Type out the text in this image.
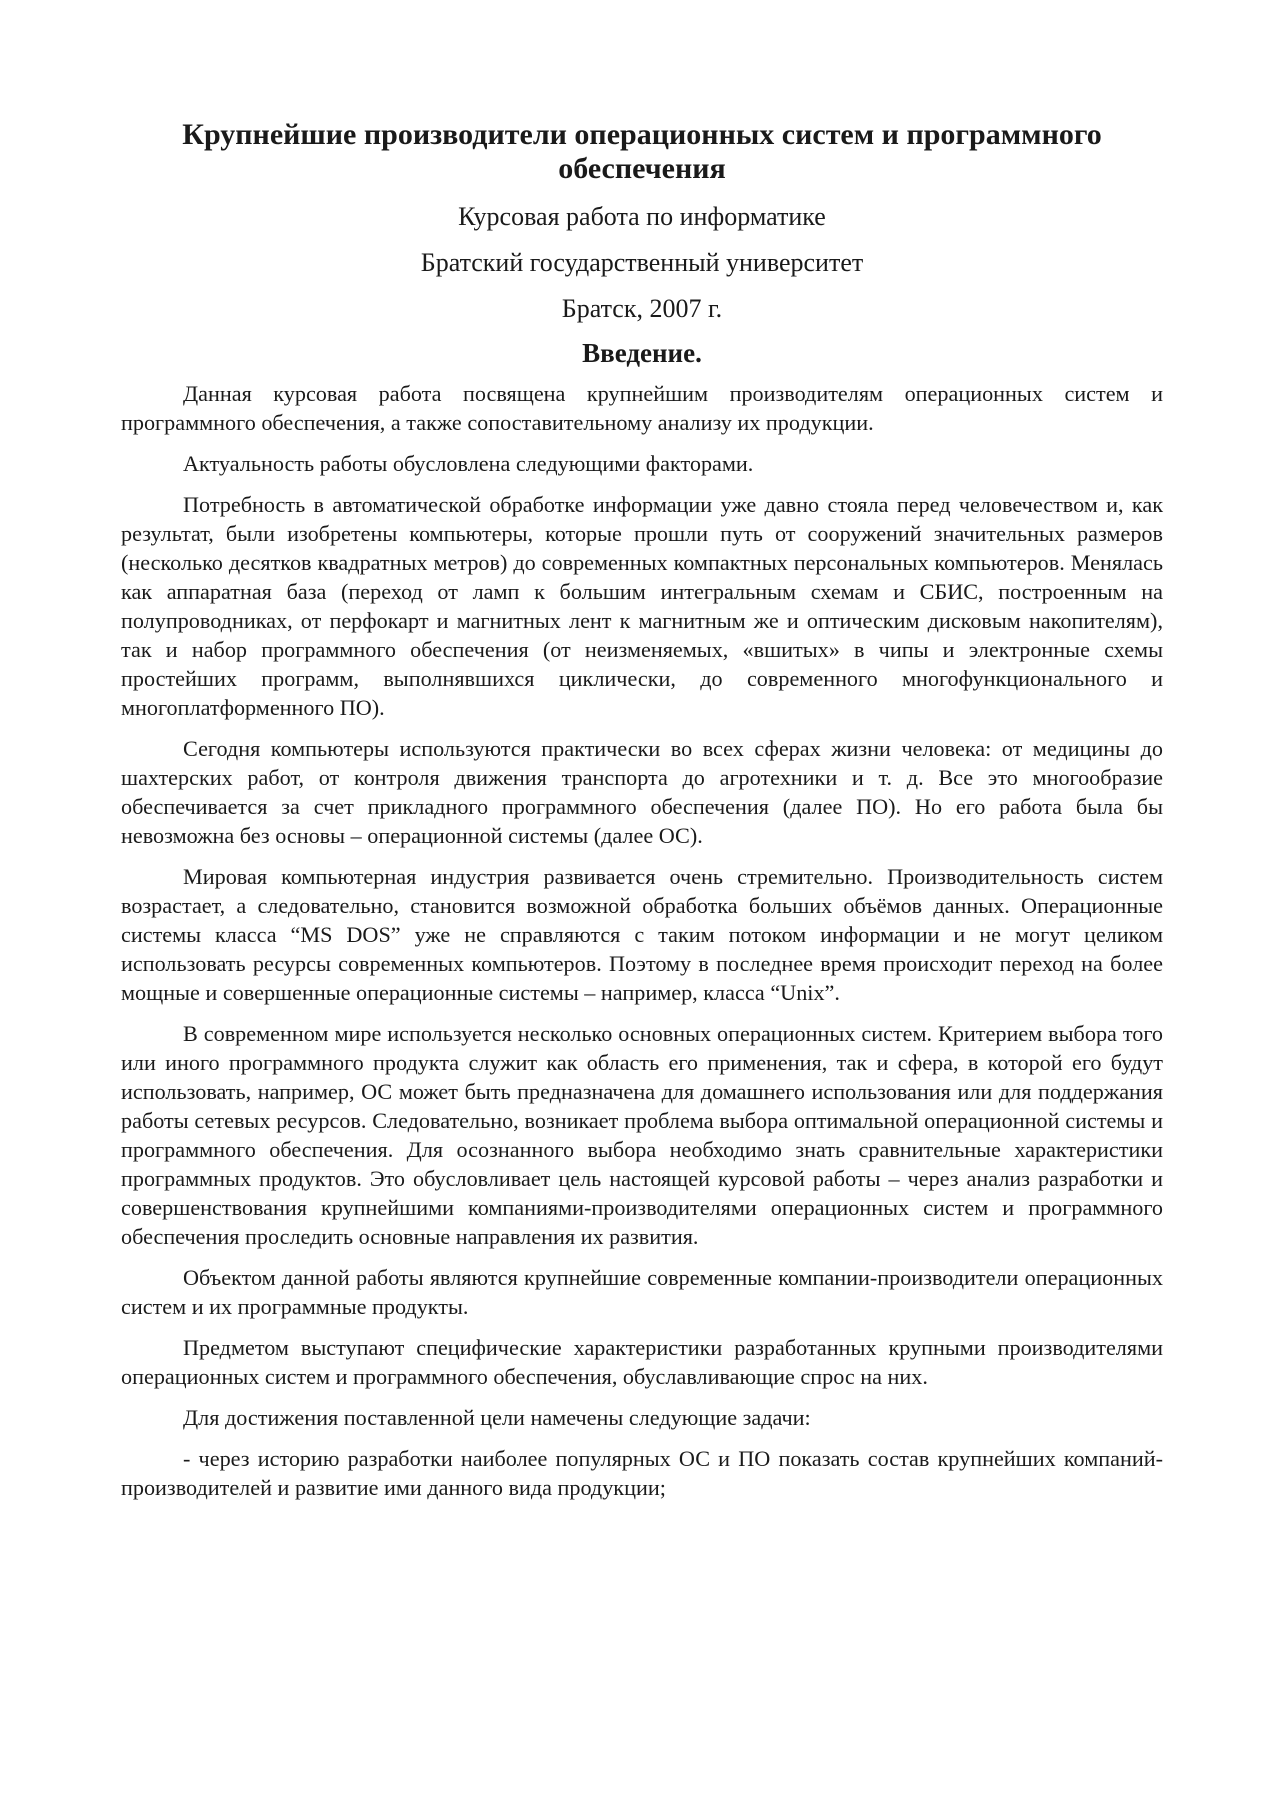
Крупнейшие производители операционных систем и программного обеспечения
Курсовая работа по информатике
Братский государственный университет
Братск, 2007 г.
Введение.

Данная курсовая работа посвящена крупнейшим производителям операционных систем и программного обеспечения, а также сопоставительному анализу их продукции.

Актуальность работы обусловлена следующими факторами.

Потребность в автоматической обработке информации уже давно стояла перед человечеством и, как результат, были изобретены компьютеры, которые прошли путь от сооружений значительных размеров (несколько десятков квадратных метров) до современных компактных персональных компьютеров. Менялась как аппаратная база (переход от ламп к большим интегральным схемам и СБИС, построенным на полупроводниках, от перфокарт и магнитных лент к магнитным же и оптическим дисковым накопителям), так и набор программного обеспечения (от неизменяемых, «вшитых» в чипы и электронные схемы простейших программ, выполнявшихся циклически, до современного многофункционального и многоплатформенного ПО).

Сегодня компьютеры используются практически во всех сферах жизни человека: от медицины до шахтерских работ, от контроля движения транспорта до агротехники и т. д. Все это многообразие обеспечивается за счет прикладного программного обеспечения (далее ПО). Но его работа была бы невозможна без основы – операционной системы (далее ОС).

Мировая компьютерная индустрия развивается очень стремительно. Производительность систем возрастает, а следовательно, становится возможной обработка больших объёмов данных. Операционные системы класса “MS DOS” уже не справляются с таким потоком информации и не могут целиком использовать ресурсы современных компьютеров. Поэтому в последнее время происходит переход на более мощные и совершенные операционные системы – например, класса “Unix”.

В современном мире используется несколько основных операционных систем. Критерием выбора того или иного программного продукта служит как область его применения, так и сфера, в которой его будут использовать, например, ОС может быть предназначена для домашнего использования или для поддержания работы сетевых ресурсов. Следовательно, возникает проблема выбора оптимальной операционной системы и программного обеспечения. Для осознанного выбора необходимо знать сравнительные характеристики программных продуктов. Это обусловливает цель настоящей курсовой работы – через анализ разработки и совершенствования крупнейшими компаниями-производителями операционных систем и программного обеспечения проследить основные направления их развития.

Объектом данной работы являются крупнейшие современные компании-производители операционных систем и их программные продукты.

Предметом выступают специфические характеристики разработанных крупными производителями операционных систем и программного обеспечения, обуславливающие спрос на них.

Для достижения поставленной цели намечены следующие задачи:

- через историю разработки наиболее популярных ОС и ПО показать состав крупнейших компаний-производителей и развитие ими данного вида продукции;
